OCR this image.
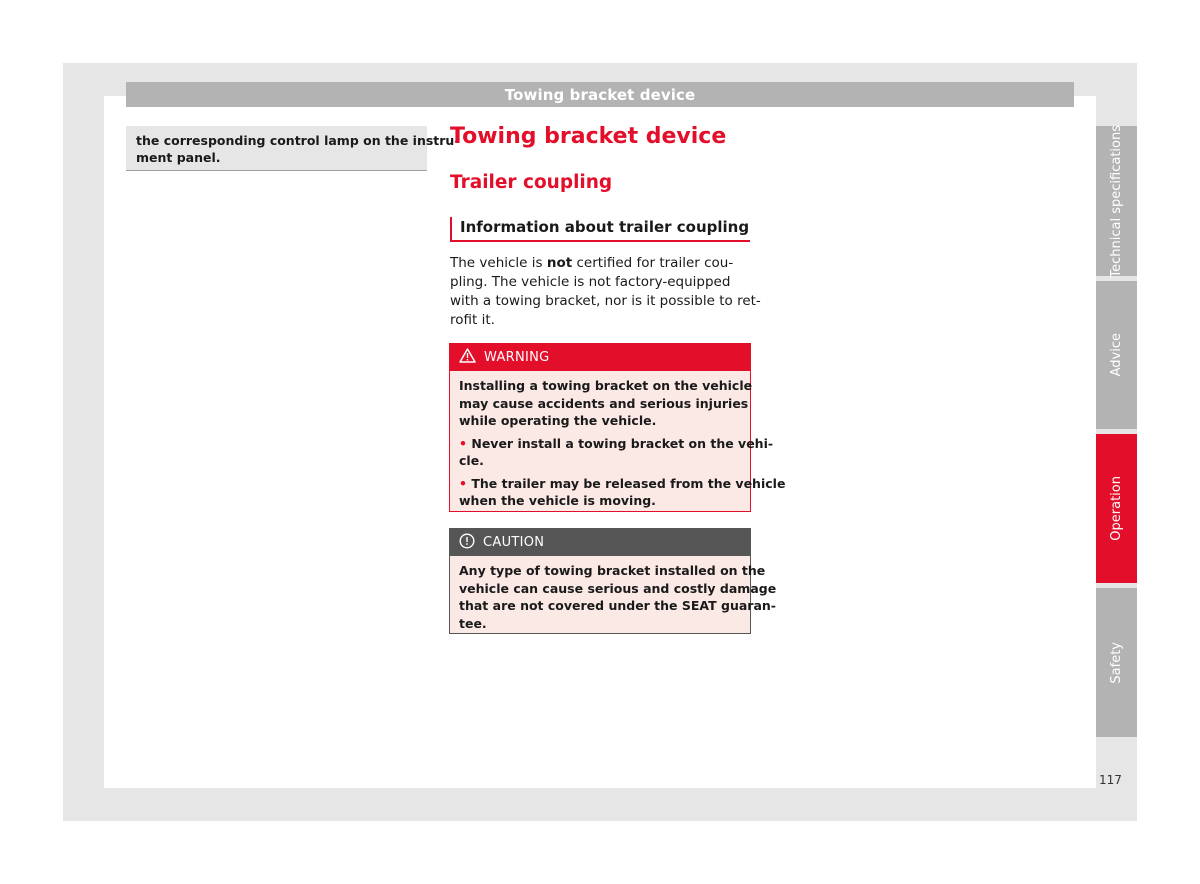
Towing bracket device
the corresponding control lamp on the instru-
ment panel.
Towing bracket device
Trailer coupling
Information about trailer coupling
The vehicle is not certified for trailer cou-
pling. The vehicle is not factory-equipped
with a towing bracket, nor is it possible to ret-
rofit it.
WARNING
Installing a towing bracket on the vehicle
may cause accidents and serious injuries
while operating the vehicle.
• Never install a towing bracket on the vehi-
cle.
• The trailer may be released from the vehicle
when the vehicle is moving.
CAUTION
Any type of towing bracket installed on the
vehicle can cause serious and costly damage
that are not covered under the SEAT guaran-
tee.
Technical specifications
Advice
Operation
Safety
117
